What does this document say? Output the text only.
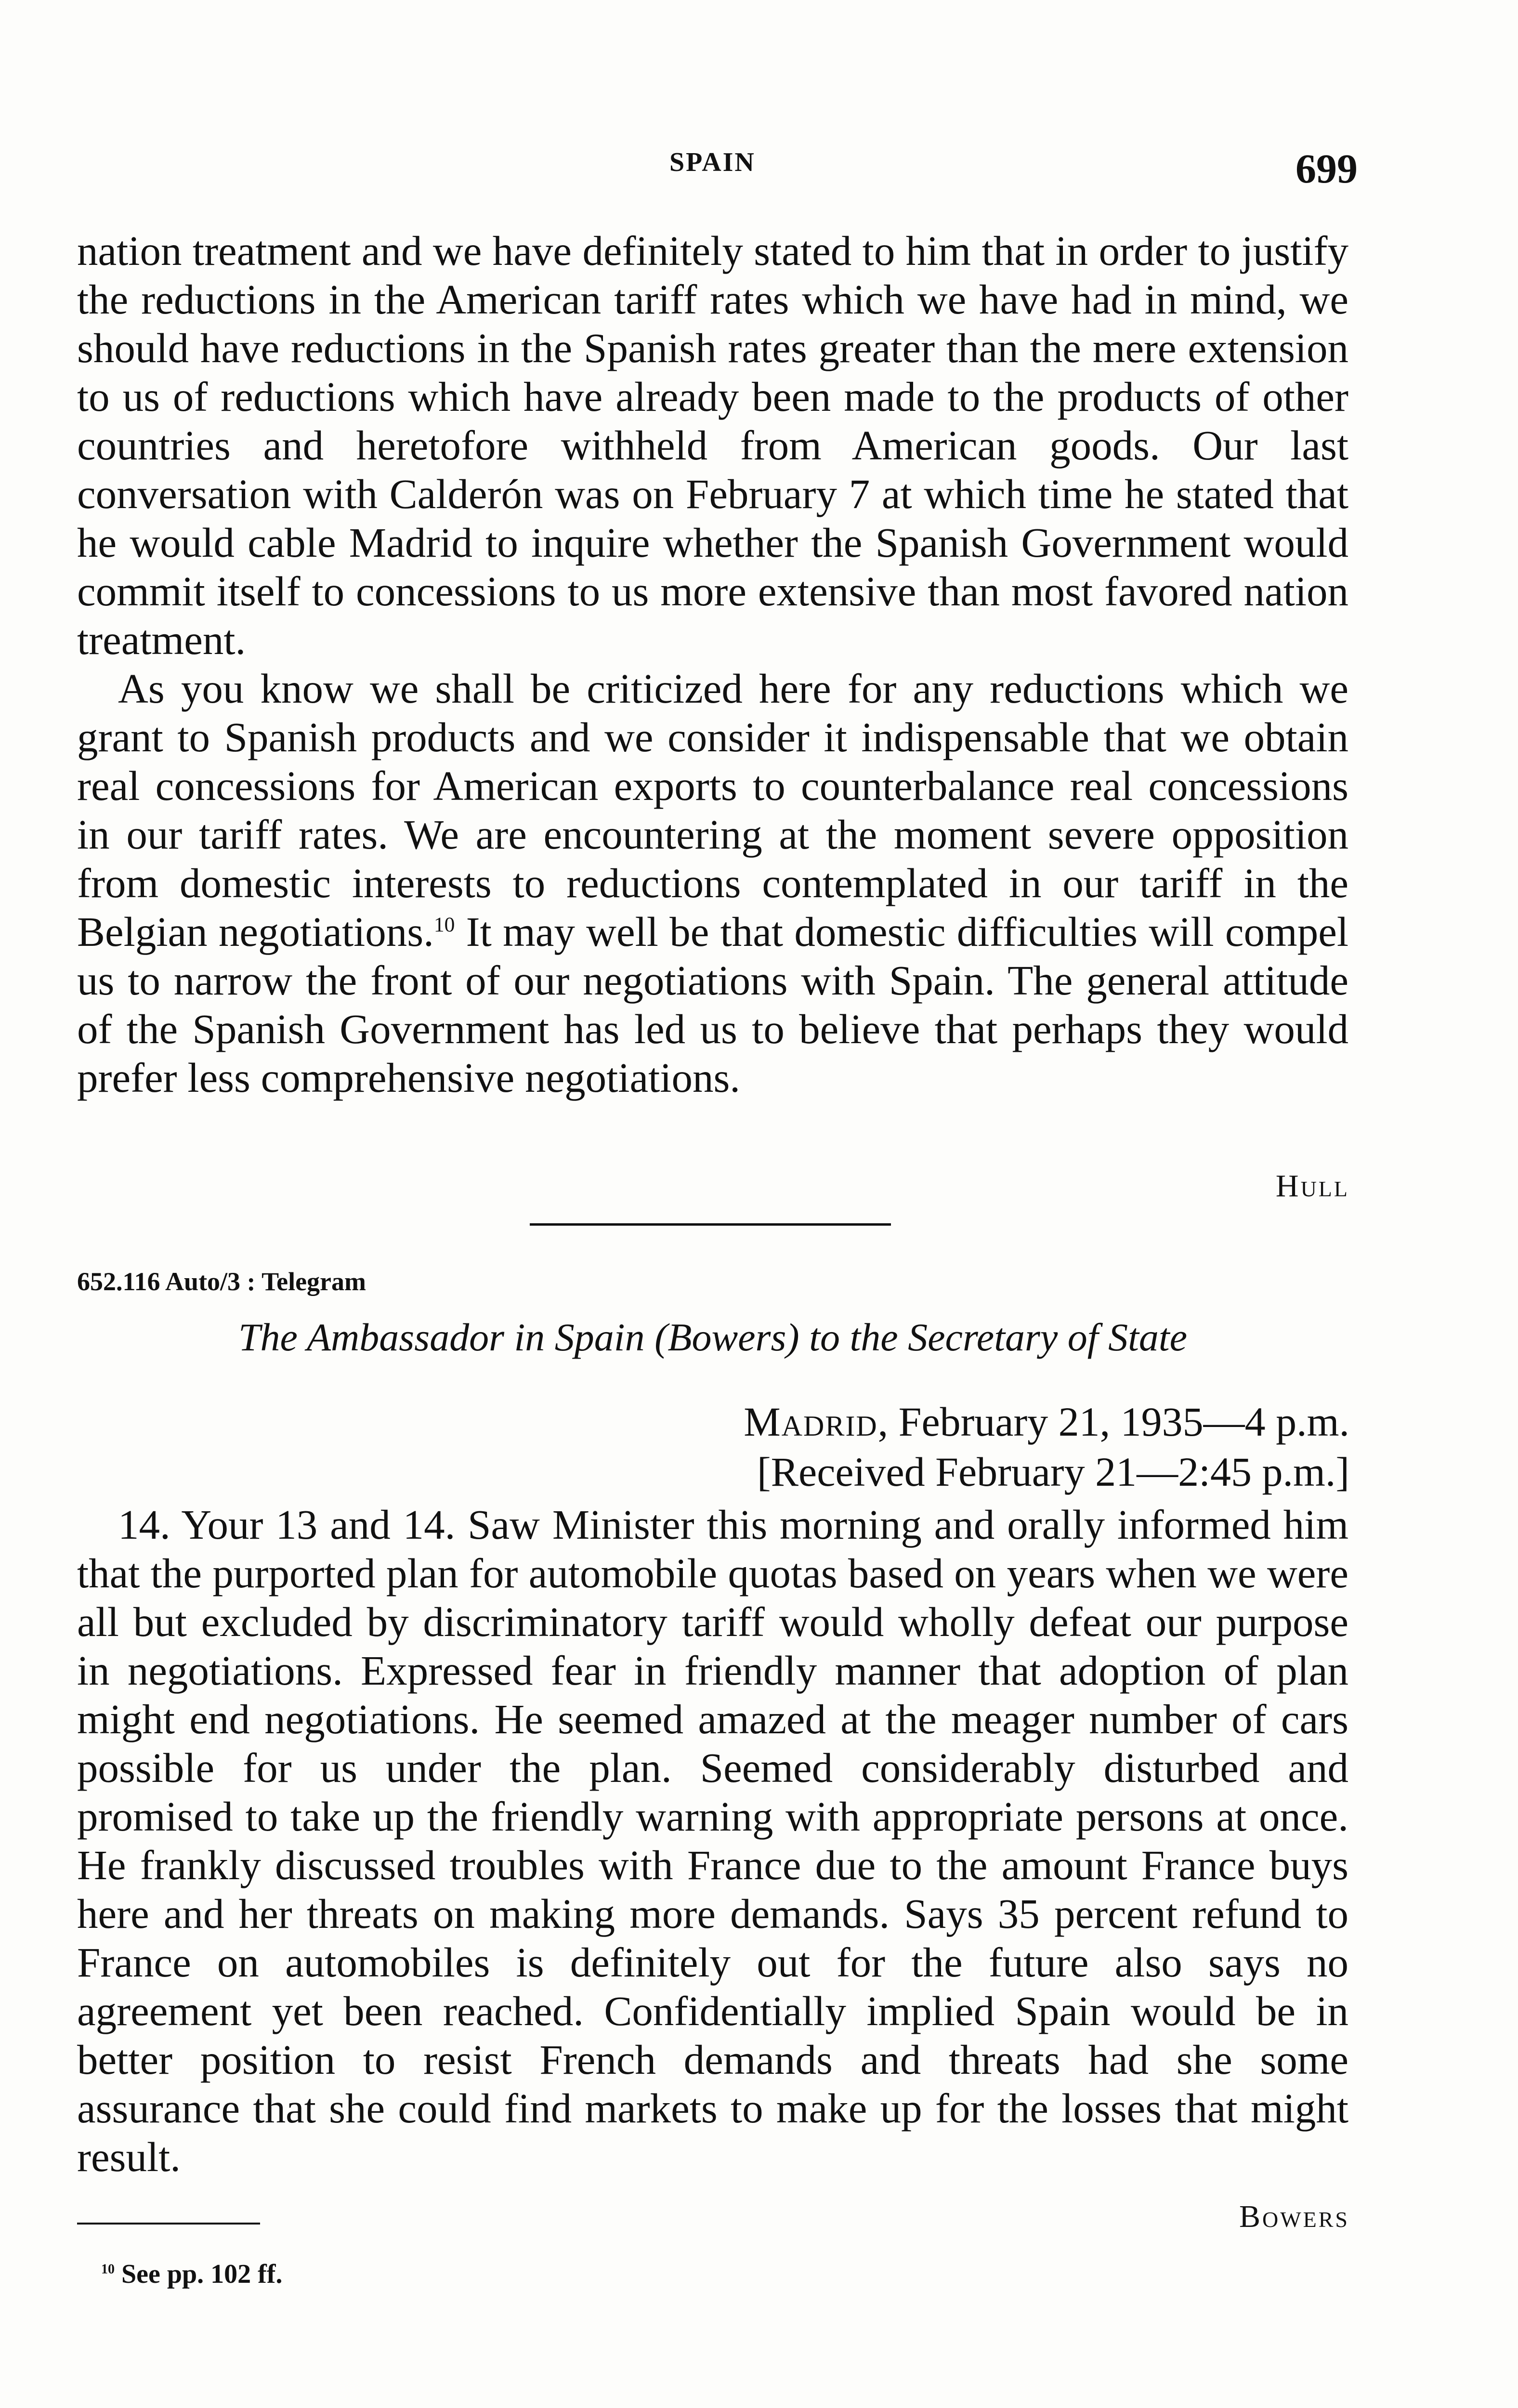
SPAIN	699

nation treatment and we have definitely stated to him that in order to justify the reductions in the American tariff rates which we have had in mind, we should have reductions in the Spanish rates greater than the mere extension to us of reductions which have already been made to the products of other countries and heretofore withheld from American goods. Our last conversation with Calderón was on February 7 at which time he stated that he would cable Madrid to inquire whether the Spanish Government would commit itself to concessions to us more extensive than most favored nation treatment.

As you know we shall be criticized here for any reductions which we grant to Spanish products and we consider it indispensable that we obtain real concessions for American exports to counterbalance real concessions in our tariff rates. We are encountering at the moment severe opposition from domestic interests to reductions contemplated in our tariff in the Belgian negotiations.$^{10}$ It may well be that domestic difficulties will compel us to narrow the front of our negotiations with Spain. The general attitude of the Spanish Government has led us to believe that perhaps they would prefer less comprehensive negotiations.

Hull
652.116 Auto/3 : Telegram
The Ambassador in Spain (Bowers) to the Secretary of State
Madrid, February 21, 1935—4 p.m.
[Received February 21—2:45 p.m.]

14. Your 13 and 14. Saw Minister this morning and orally informed him that the purported plan for automobile quotas based on years when we were all but excluded by discriminatory tariff would wholly defeat our purpose in negotiations. Expressed fear in friendly manner that adoption of plan might end negotiations. He seemed amazed at the meager number of cars possible for us under the plan. Seemed considerably disturbed and promised to take up the friendly warning with appropriate persons at once. He frankly discussed troubles with France due to the amount France buys here and her threats on making more demands. Says 35 percent refund to France on automobiles is definitely out for the future also says no agreement yet been reached. Confidentially implied Spain would be in better position to resist French demands and threats had she some assurance that she could find markets to make up for the losses that might result.

Bowers
$^{10}$ See pp. 102 ff.
